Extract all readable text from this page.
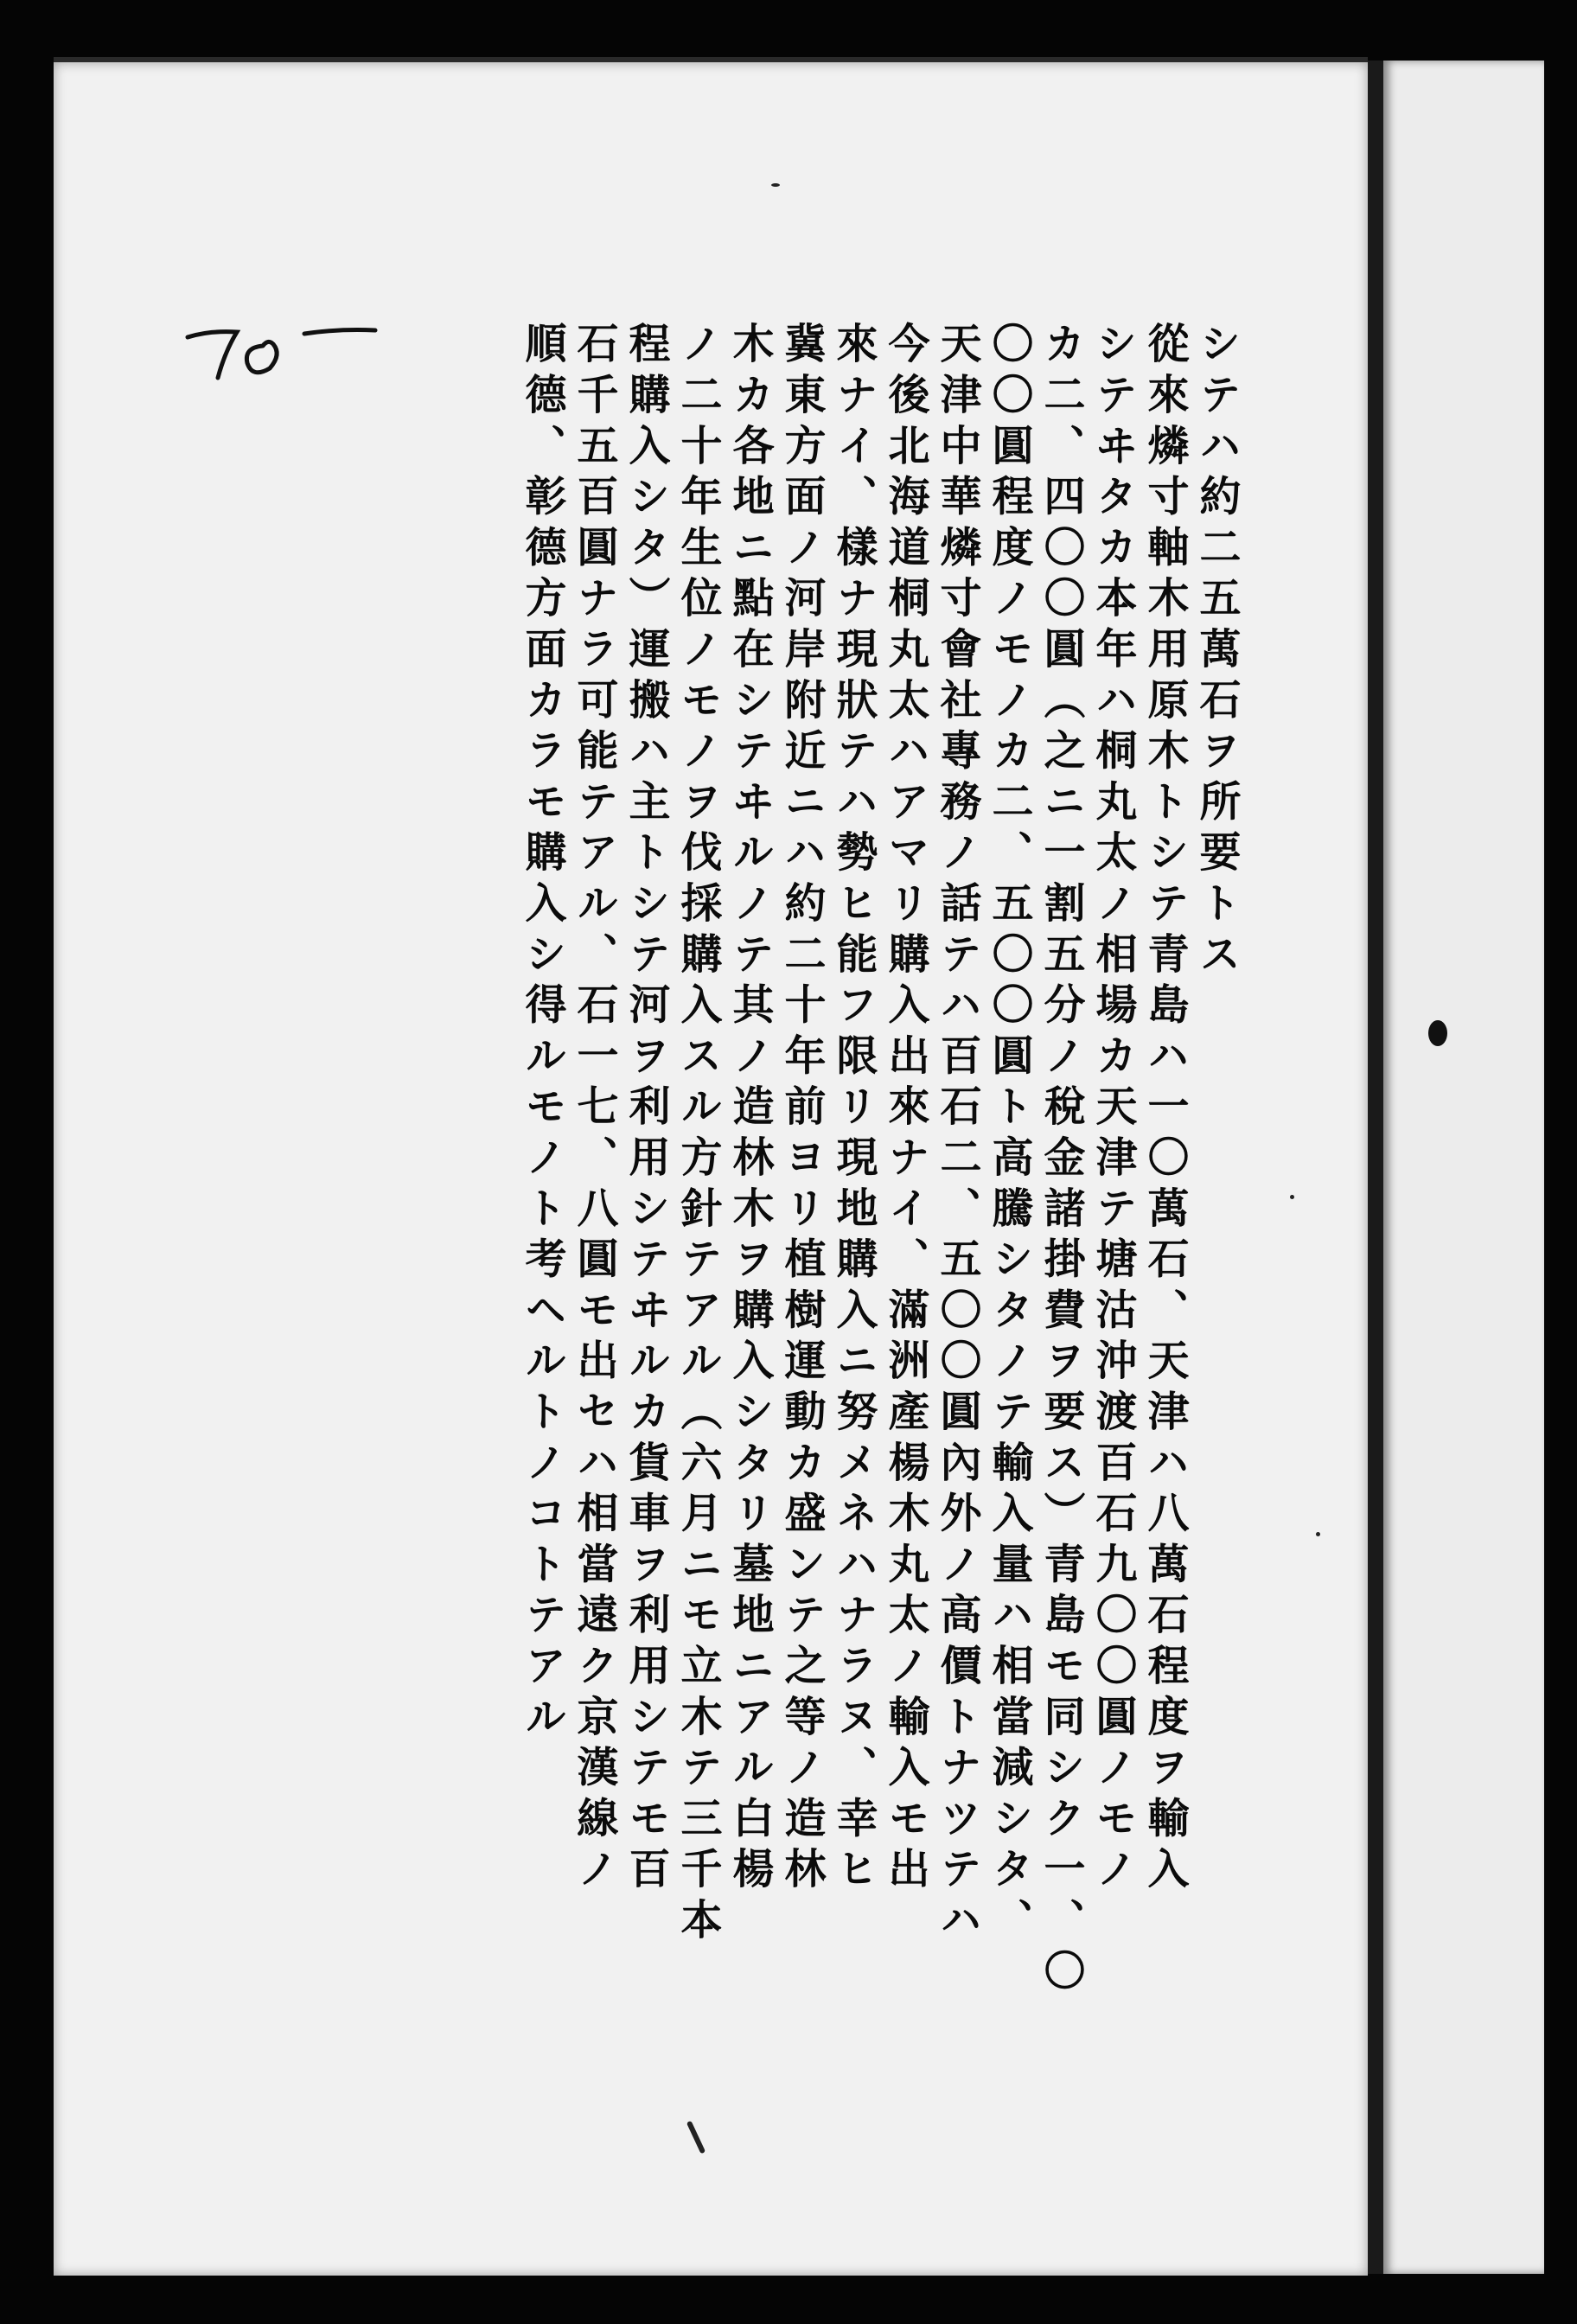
70
シテハ約二五萬石ヲ所要トス
從來燐寸軸木用原木トシテ青島ハ一〇萬石、天津ハ八萬石程度ヲ輸入
シテヰタカ本年ハ桐丸太ノ相場カ天津テ塘沽沖渡百石九〇〇圓ノモノ
カ二、四〇〇圓（之ニ一割五分ノ稅金諸掛費ヲ要ス）青島モ同シク一、〇
〇〇圓程度ノモノカ二、五〇〇圓ト高騰シタノテ輸入量ハ相當減シタ、
天津中華燐寸會社專務ノ話テハ百石二、五〇〇圓內外ノ高價トナツテハ
今後北海道桐丸太ハアマリ購入出來ナイ、滿洲產楊木丸太ノ輸入モ出
來ナイ、樣ナ現狀テハ勢ヒ能フ限リ現地購入ニ努メネハナラヌ、幸ヒ
冀東方面ノ河岸附近ニハ約二十年前ヨリ植樹運動カ盛ンテ之等ノ造林
木カ各地ニ點在シテヰルノテ其ノ造林木ヲ購入シタリ墓地ニアル白楊
ノ二十年生位ノモノヲ伐採購入スル方針テアル（六月ニモ立木テ三千本
程購入シタ）運搬ハ主トシテ河ヲ利用シテヰルカ貨車ヲ利用シテモ百
石千五百圓ナラ可能テアル、石一七、八圓モ出セハ相當遠ク京漢線ノ
順德、彰德方面カラモ購入シ得ルモノト考ヘルトノコトテアル
